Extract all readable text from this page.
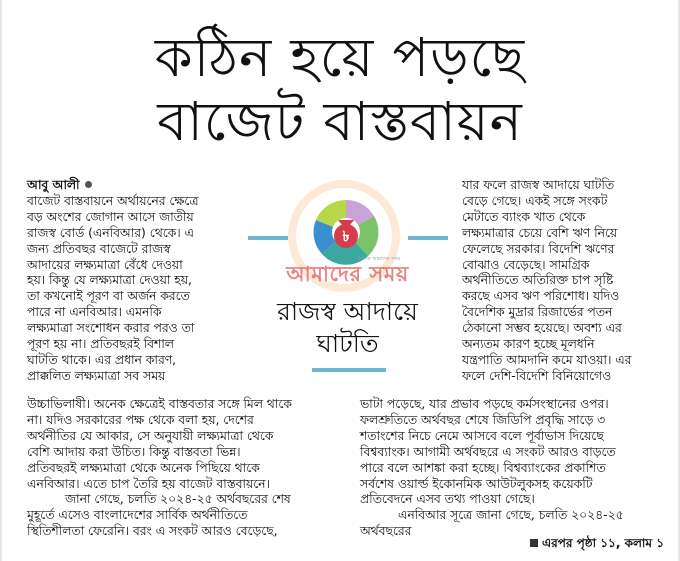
কঠিন হয়ে পড়ছে
বাজেট বাস্তবায়ন

আবু আলী

বাজেট বাস্তবায়নে অর্থায়নের ক্ষেত্রে

বড় অংশের জোগান আসে জাতীয়

রাজস্ব বোর্ড (এনবিআর) থেকে। এ

জন্য প্রতিবছর বাজেটে রাজস্ব

আদায়ের লক্ষ্যমাত্রা বেঁধে দেওয়া

হয়। কিন্তু যে লক্ষ্যমাত্রা দেওয়া হয়,

তা কখনোই পূরণ বা অর্জন করতে

পারে না এনবিআর। এমনকি

লক্ষ্যমাত্রা সংশোধন করার পরও তা

পূরণ হয় না। প্রতিবছরই বিশাল

ঘাটতি থাকে। এর প্রধান কারণ,

প্রাক্কলিত লক্ষ্যমাত্রা সব সময়

যার ফলে রাজস্ব আদায়ে ঘাটতি

বেড়ে গেছে। একই সঙ্গে সংকট

মেটাতে ব্যাংক খাত থেকে

লক্ষ্যমাত্রার চেয়ে বেশি ঋণ নিয়ে

ফেলেছে সরকার। বিদেশি ঋণের

বোঝাও বেড়েছে। সামগ্রিক

অর্থনীতিতে অতিরিক্ত চাপ সৃষ্টি

করছে এসব ঋণ পরিশোধ। যদিও

বৈদেশিক মুদ্রার রিজার্ভের পতন

ঠেকানো সম্ভব হয়েছে। অবশ্য এর

অন্যতম কারণ হচ্ছে মূলধনি

যন্ত্রপাতি আমদানি কমে যাওয়া। এর

ফলে দেশি-বিদেশি বিনিয়োগেও

উচ্চাভিলাষী। অনেক ক্ষেত্রেই বাস্তবতার সঙ্গে মিল থাকে

না। যদিও সরকারের পক্ষ থেকে বলা হয়, দেশের

অর্থনীতির যে আকার, সে অনুযায়ী লক্ষ্যমাত্রা থেকে

বেশি আদায় করা উচিত। কিন্তু বাস্তবতা ভিন্ন।

প্রতিবছরই লক্ষ্যমাত্রা থেকে অনেক পিছিয়ে থাকে

এনবিআর। এতে চাপ তৈরি হয় বাজেট বাস্তবায়নে।

জানা গেছে, চলতি ২০২৪-২৫ অর্থবছরের শেষ

মুহূর্তে এসেও বাংলাদেশের সার্বিক অর্থনীতিতে

স্থিতিশীলতা ফেরেনি। বরং এ সংকট আরও বেড়েছে,

ভাটা পড়েছে, যার প্রভাব পড়ছে কর্মসংস্থানের ওপর।

ফলশ্রুতিতে অর্থবছর শেষে জিডিপি প্রবৃদ্ধি সাড়ে ৩

শতাংশের নিচে নেমে আসবে বলে পূর্বাভাস দিয়েছে

বিশ্বব্যাংক। আগামী অর্থবছরে এ সংকট আরও বাড়তে

পারে বলে আশঙ্কা করা হচ্ছে। বিশ্বব্যাংকের প্রকাশিত

সর্বশেষ ওয়ার্ল্ড ইকোনমিক আউটলুকসহ কয়েকটি

প্রতিবেদনে এসব তথ্য পাওয়া গেছে।

এনবিআর সূত্রে জানা গেছে, চলতি ২০২৪-২৫

অর্থবছরের

এরপর পৃষ্ঠা ১১, কলাম ১
৳
আমাদের সময়
দৈনিক আমাদের সময়
রাজস্ব আদায়ে
ঘাটতি
